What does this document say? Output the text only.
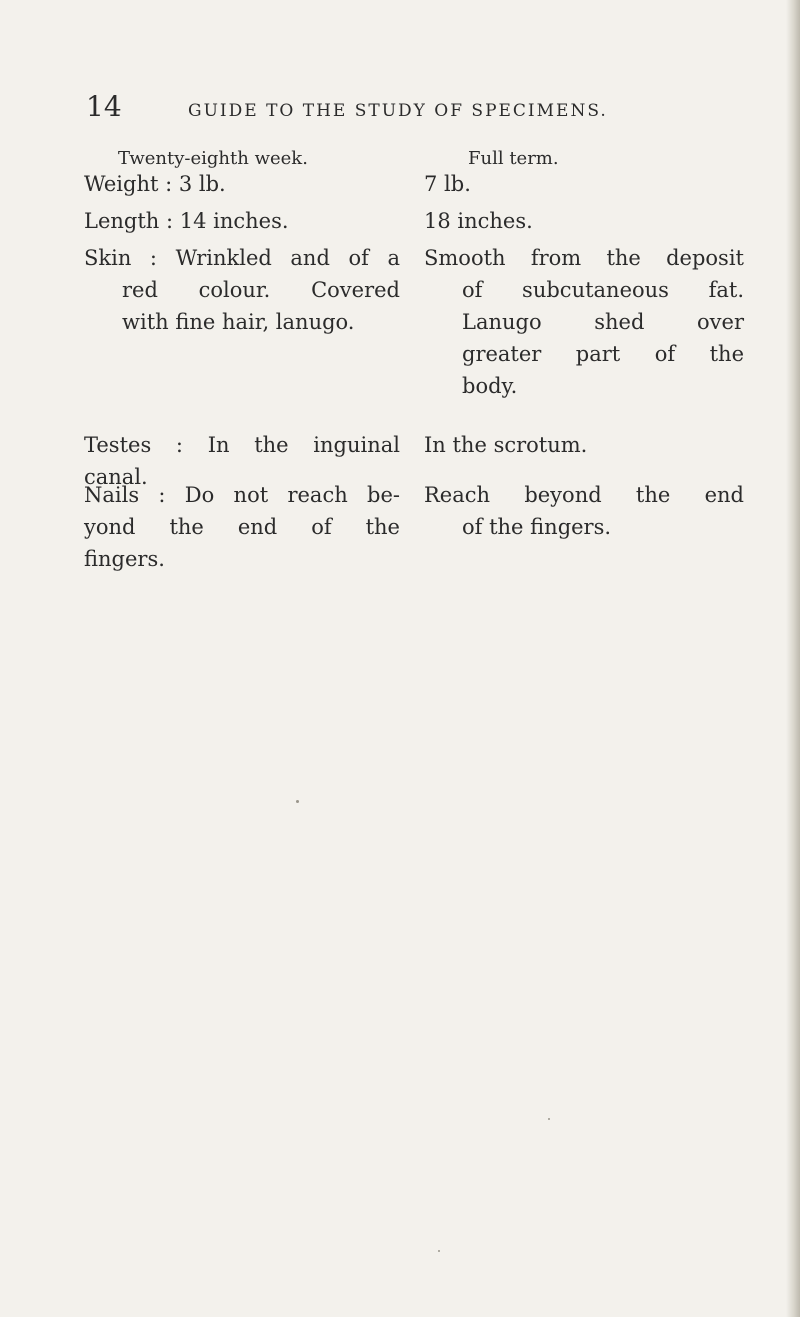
14	GUIDE TO THE STUDY OF SPECIMENS.
Twenty-eighth week.
Weight : 3 lb.
Length : 14 inches.
Skin : Wrinkled and of a
red colour. Covered
with fine hair, lanugo.
Testes : In the inguinal
canal.
Nails : Do not reach be-
yond the end of the
fingers.
Full term.
7 lb.
18 inches.
Smooth from the deposit
of subcutaneous fat.
Lanugo shed over
greater part of the
body.
In the scrotum.
Reach beyond the end
of the fingers.
